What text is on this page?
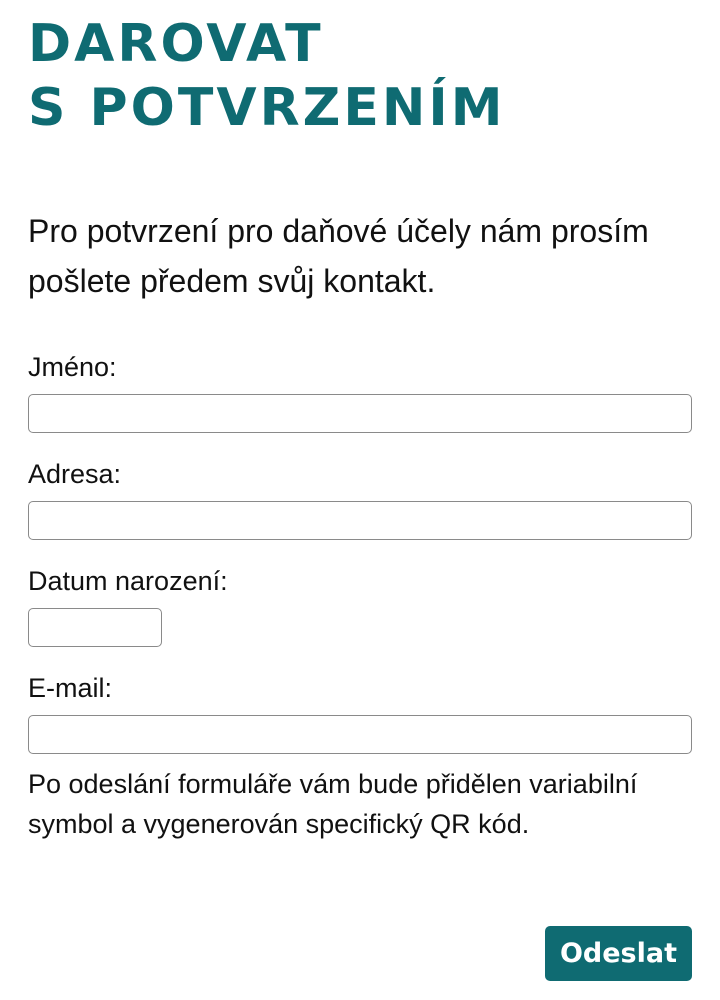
DAROVAT
S POTVRZENÍM

Pro potvrzení pro daňové účely nám prosím pošlete předem svůj kontakt.

Jméno:
Adresa:
Datum narození:
E-mail:

Po odeslání formuláře vám bude přidělen variabilní symbol a vygenerován specifický QR kód.

Odeslat
